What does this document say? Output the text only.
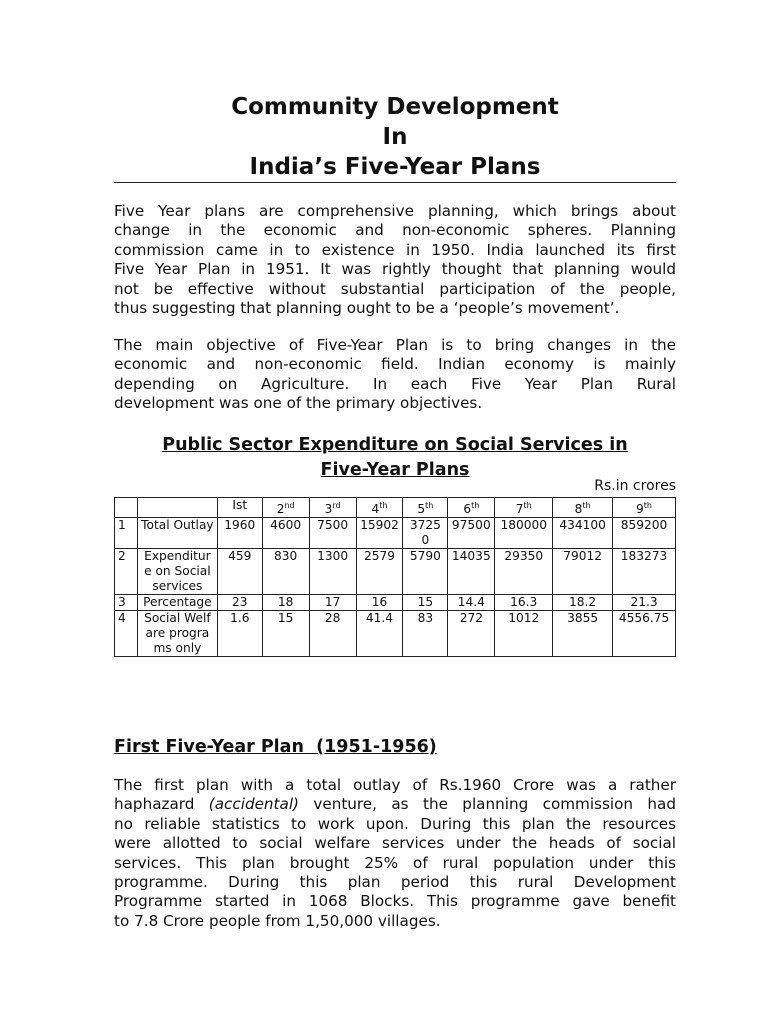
Community Development
In
India’s Five-Year Plans
Five Year plans are comprehensive planning, which brings about
change in the economic and non-economic spheres. Planning
commission came in to existence in 1950. India launched its first
Five Year Plan in 1951. It was rightly thought that planning would
not be effective without substantial participation of the people,
thus suggesting that planning ought to be a ‘people’s movement’.
The main objective of Five-Year Plan is to bring changes in the
economic and non-economic field. Indian economy is mainly
depending on Agriculture. In each Five Year Plan Rural
development was one of the primary objectives.
Public Sector Expenditure on Social Services in
Five-Year Plans
Rs.in crores
		Ist	2nd	3rd	4th	5th	6th	7th	8th	9th
1	Total Outlay	1960	4600	7500	15902	37250	97500	180000	434100	859200
2	Expenditure on Social services	459	830	1300	2579	5790	14035	29350	79012	183273
3	Percentage	23	18	17	16	15	14.4	16.3	18.2	21.3
4	Social Welfare programs only	1.6	15	28	41.4	83	272	1012	3855	4556.75
First Five-Year Plan  (1951-1956)
The first plan with a total outlay of Rs.1960 Crore was a rather
haphazard (accidental) venture, as the planning commission had
no reliable statistics to work upon. During this plan the resources
were allotted to social welfare services under the heads of social
services. This plan brought 25% of rural population under this
programme. During this plan period this rural Development
Programme started in 1068 Blocks. This programme gave benefit
to 7.8 Crore people from 1,50,000 villages.
